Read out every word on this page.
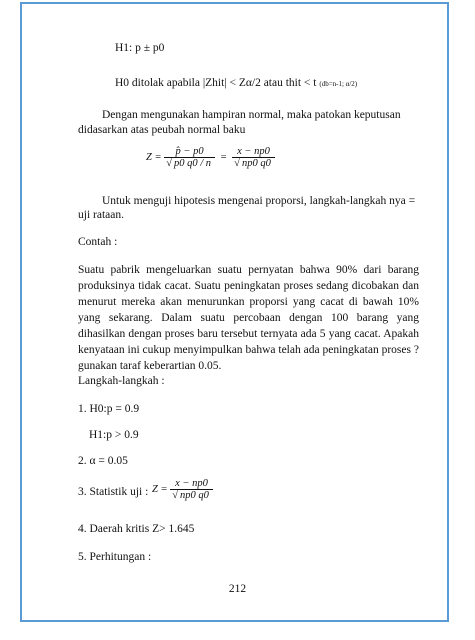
H1: p ± p0
H0 ditolak apabila |Zhit| < Zα/2 atau thit < t (db=n-1; α/2)
Dengan mengunakan hampiran normal, maka patokan keputusan
didasarkan atas peubah normal baku
$Z = \frac{p̂ - p0}{√ p0 q0 / n} = \frac{x - np0}{√ np0 q0}$
Untuk menguji hipotesis mengenai proporsi, langkah-langkah nya =
uji rataan.
Contah :
Suatu pabrik mengeluarkan suatu pernyatan bahwa 90% dari barang produksinya tidak cacat. Suatu peningkatan proses sedang dicobakan dan menurut mereka akan menurunkan proporsi yang cacat di bawah 10% yang sekarang. Dalam suatu percobaan dengan 100 barang yang dihasilkan dengan proses baru tersebut ternyata ada 5 yang cacat. Apakah kenyataan ini cukup menyimpulkan bahwa telah ada peningkatan proses ? gunakan taraf keberartian 0.05.
Langkah-langkah :
1. H0:p = 0.9
H1:p > 0.9
2. α = 0.05
3. Statistik uji : $Z = \frac{x - np0}{√ np0 q0}$
4. Daerah kritis Z> 1.645
5. Perhitungan :
212
